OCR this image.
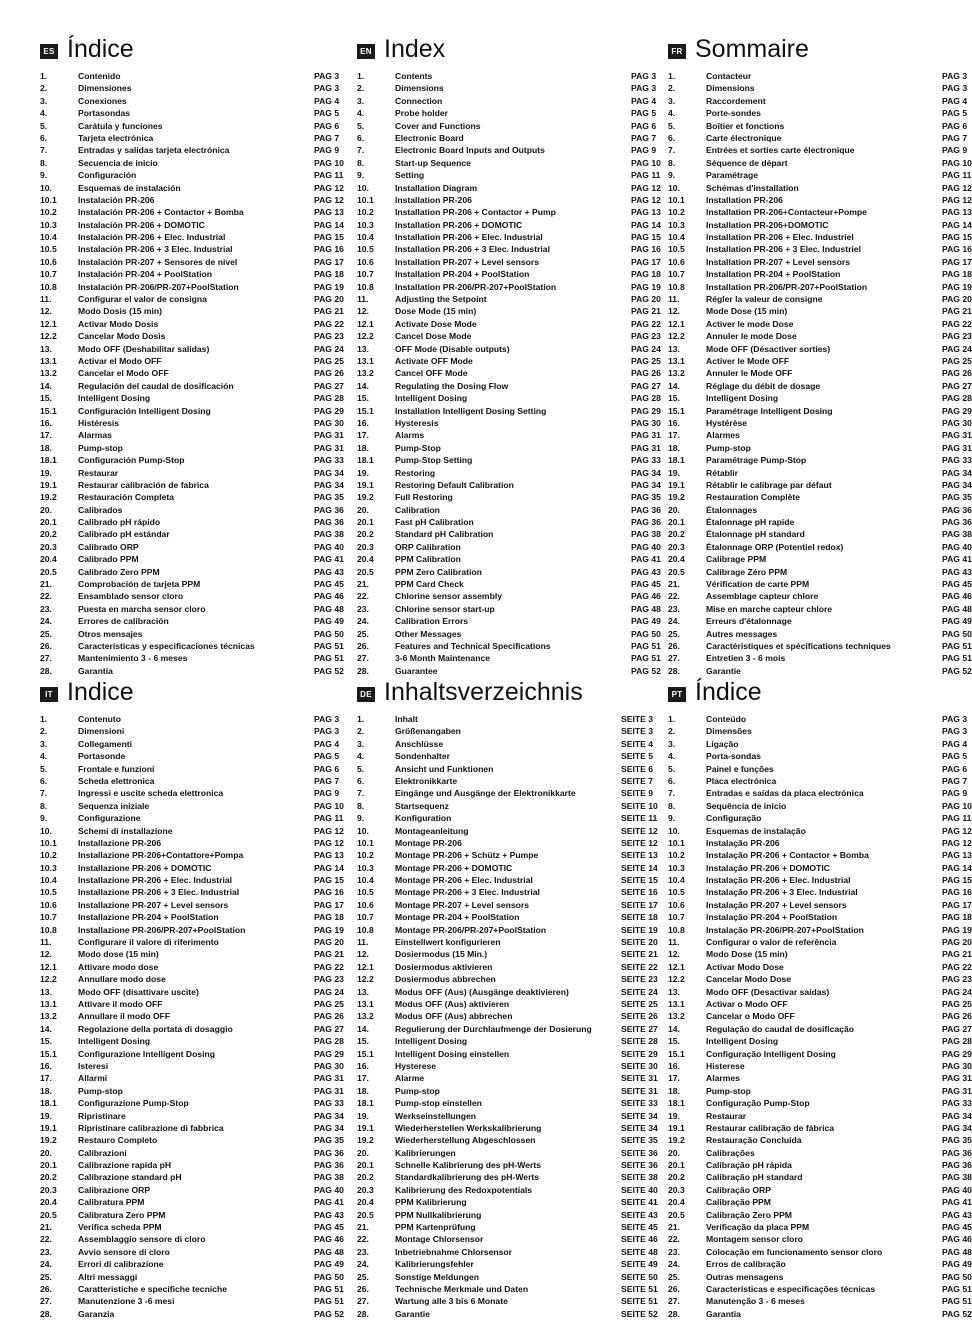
ES Índice
1.	Contenido	PAG 3
2.	Dimensiones	PAG 3
3.	Conexiones	PAG 4
4.	Portasondas	PAG 5
5.	Carátula y funciones	PAG 6
6.	Tarjeta electrónica	PAG 7
7.	Entradas y salidas tarjeta electrónica	PAG 9
8.	Secuencia de inicio	PAG 10
9.	Configuración	PAG 11
10.	Esquemas de instalación	PAG 12
10.1 Instalación PR-206	PAG 12
10.2 Instalación PR-206 + Contactor + Bomba	PAG 13
10.3 Instalación PR-206 + DOMOTIC	PAG 14
10.4 Instalación PR-206 + Elec. Industrial	PAG 15
10.5 Instalación PR-206 + 3 Elec. Industrial	PAG 16
10.6 Instalación PR-207 + Sensores de nivel	PAG 17
10.7 Instalación PR-204 + PoolStation	PAG 18
10.8 Instalación PR-206/PR-207+PoolStation	PAG 19
11.	Configurar el valor de consigna	PAG 20
12.	Modo Dosis (15 min)	PAG 21
12.1 Activar Modo Dosis	PAG 22
12.2 Cancelar Modo Dosis	PAG 23
13.	Modo OFF (Deshabilitar salidas)	PAG 24
13.1 Activar el Modo OFF	PAG 25
13.2 Cancelar el Modo OFF	PAG 26
14.	Regulación del caudal de dosificación	PAG 27
15.	Intelligent Dosing	PAG 28
15.1 Configuración Intelligent Dosing	PAG 29
16.	Histéresis	PAG 30
17.	Alarmas	PAG 31
18.	Pump-stop	PAG 31
18.1 Configuración Pump-Stop	PAG 33
19.	Restaurar	PAG 34
19.1 Restaurar calibración de fabrica	PAG 34
19.2 Restauración Completa	PAG 35
20.	Calibrados	PAG 36
20.1 Calibrado pH rápido	PAG 36
20.2 Calibrado pH estándar	PAG 38
20.3 Calibrado ORP	PAG 40
20.4 Calibrado PPM	PAG 41
20.5 Calibrado Zero PPM	PAG 43
21.	Comprobación de tarjeta PPM	PAG 45
22.	Ensamblado sensor cloro	PAG 46
23.	Puesta en marcha sensor cloro	PAG 48
24.	Errores de calibración	PAG 49
25.	Otros mensajes	PAG 50
26.	Características y especificaciones técnicas	PAG 51
27.	Mantenimiento 3 - 6 meses	PAG 51
28.	Garantía	PAG 52
EN Index
1.	Contents	PAG 3
2.	Dimensions	PAG 3
3.	Connection	PAG 4
4.	Probe holder	PAG 5
5.	Cover and Functions	PAG 6
6.	Electronic Board	PAG 7
7.	Electronic Board Inputs and Outputs	PAG 9
8.	Start-up Sequence	PAG 10
9.	Setting	PAG 11
10.	Installation Diagram	PAG 12
10.1 Installation PR-206	PAG 12
10.2 Installation PR-206 + Contactor + Pump	PAG 13
10.3 Installation PR-206 + DOMOTIC	PAG 14
10.4 Installation PR-206 + Elec. Industrial	PAG 15
10.5 Installation PR-206 + 3 Elec. Industrial	PAG 16
10.6 Installation PR-207 + Level sensors	PAG 17
10.7 Installation PR-204 + PoolStation	PAG 18
10.8 Installation PR-206/PR-207+PoolStation	PAG 19
11.	Adjusting the Setpoint	PAG 20
12.	Dose Mode (15 min)	PAG 21
12.1 Activate Dose Mode	PAG 22
12.2 Cancel Dose Mode	PAG 23
13.	OFF Mode (Disable outputs)	PAG 24
13.1 Activate OFF Mode	PAG 25
13.2 Cancel OFF Mode	PAG 26
14.	Regulating the Dosing Flow	PAG 27
15.	Intelligent Dosing	PAG 28
15.1 Installation Intelligent Dosing Setting	PAG 29
16.	Hysteresis	PAG 30
17.	Alarms	PAG 31
18.	Pump-Stop	PAG 31
18.1 Pump-Stop Setting	PAG 33
19.	Restoring	PAG 34
19.1 Restoring Default Calibration	PAG 34
19.2 Full Restoring	PAG 35
20.	Calibration	PAG 36
20.1 Fast pH Calibration	PAG 36
20.2 Standard pH Calibration	PAG 38
20.3 ORP Calibration	PAG 40
20.4 PPM Calibration	PAG 41
20.5 PPM Zero Calibration	PAG 43
21.	PPM Card Check	PAG 45
22.	Chlorine sensor assembly	PAG 46
23.	Chlorine sensor start-up	PAG 48
24.	Calibration Errors	PAG 49
25.	Other Messages	PAG 50
26.	Features and Technical Specifications	PAG 51
27.	3-6 Month Maintenance	PAG 51
28.	Guarantee	PAG 52
FR Sommaire
1.	Contacteur	PAG 3
2.	Dimensions	PAG 3
3.	Raccordement	PAG 4
4.	Porte-sondes	PAG 5
5.	Boîtier et fonctions	PAG 6
6.	Carte électronique	PAG 7
7.	Entrées et sorties carte électronique	PAG 9
8.	Séquence de départ	PAG 10
9.	Paramétrage	PAG 11
10.	Schémas d'installation	PAG 12
10.1 Installation PR-206	PAG 12
10.2 Installation PR-206+Contacteur+Pompe	PAG 13
10.3 Installation PR-206+DOMOTIC	PAG 14
10.4 Installation PR-206 + Elec. Industriel	PAG 15
10.5 Installation PR-206 + 3 Elec. Industriel	PAG 16
10.6 Installation PR-207 + Level sensors	PAG 17
10.7 Installation PR-204 + PoolStation	PAG 18
10.8 Installation PR-206/PR-207+PoolStation	PAG 19
11.	Régler la valeur de consigne	PAG 20
12.	Mode Dose (15 min)	PAG 21
12.1 Activer le mode Dose	PAG 22
12.2 Annuler le mode Dose	PAG 23
13.	Mode OFF (Désactiver sorties)	PAG 24
13.1 Activer le Mode OFF	PAG 25
13.2 Annuler le Mode OFF	PAG 26
14.	Réglage du débit de dosage	PAG 27
15.	Intelligent Dosing	PAG 28
15.1 Paramétrage Intelligent Dosing	PAG 29
16.	Hystérèse	PAG 30
17.	Alarmes	PAG 31
18.	Pump-stop	PAG 31
18.1 Paramétrage Pump-Stop	PAG 33
19.	Rétablir	PAG 34
19.1 Rétablir le calibrage par défaut	PAG 34
19.2 Restauration Complète	PAG 35
20.	Étalonnages	PAG 36
20.1 Étalonnage pH rapide	PAG 36
20.2 Étalonnage pH standard	PAG 38
20.3 Étalonnage ORP (Potentiel redox)	PAG 40
20.4 Calibrage PPM	PAG 41
20.5 Calibrage Zéro PPM	PAG 43
21.	Vérification de carte PPM	PAG 45
22.	Assemblage capteur chlore	PAG 46
23.	Mise en marche capteur chlore	PAG 48
24.	Erreurs d'étalonnage	PAG 49
25.	Autres messages	PAG 50
26.	Caractéristiques et spécifications techniques	PAG 51
27.	Entretien 3 - 6 mois	PAG 51
28.	Garantie	PAG 52
IT Indice
1.	Contenuto	PAG 3
2.	Dimensioni	PAG 3
3.	Collegamenti	PAG 4
4.	Portasonde	PAG 5
5.	Frontale e funzioni	PAG 6
6.	Scheda elettronica	PAG 7
7.	Ingressi e uscite scheda elettronica	PAG 9
8.	Sequenza iniziale	PAG 10
9.	Configurazione	PAG 11
10.	Schemi di installazione	PAG 12
10.1 Installazione PR-206	PAG 12
10.2 Installazione PR-206+Contattore+Pompa	PAG 13
10.3 Installazione PR-206 + DOMOTIC	PAG 14
10.4 Installazione PR-206 + Elec. Industrial	PAG 15
10.5 Installazione PR-206 + 3 Elec. Industrial	PAG 16
10.6 Installazione PR-207 + Level sensors	PAG 17
10.7 Installazione PR-204 + PoolStation	PAG 18
10.8 Installazione PR-206/PR-207+PoolStation	PAG 19
11.	Configurare il valore di riferimento	PAG 20
12.	Modo dose (15 min)	PAG 21
12.1 Attivare modo dose	PAG 22
12.2 Annullare modo dose	PAG 23
13.	Modo OFF (disattivare uscite)	PAG 24
13.1 Attivare il modo OFF	PAG 25
13.2 Annullare il modo OFF	PAG 26
14.	Regolazione della portata di dosaggio	PAG 27
15.	Intelligent Dosing	PAG 28
15.1 Configurazione Intelligent Dosing	PAG 29
16.	Isteresi	PAG 30
17.	Allarmi	PAG 31
18.	Pump-stop	PAG 31
18.1 Configurazione Pump-Stop	PAG 33
19.	Ripristinare	PAG 34
19.1 Ripristinare calibrazione di fabbrica	PAG 34
19.2 Restauro Completo	PAG 35
20.	Calibrazioni	PAG 36
20.1 Calibrazione rapida pH	PAG 36
20.2 Calibrazione standard pH	PAG 38
20.3 Calibrazione ORP	PAG 40
20.4 Calibratura PPM	PAG 41
20.5 Calibratura Zero PPM	PAG 43
21.	Verifica scheda PPM	PAG 45
22.	Assemblaggio sensore di cloro	PAG 46
23.	Avvio sensore di cloro	PAG 48
24.	Errori di calibrazione	PAG 49
25.	Altri messaggi	PAG 50
26.	Caratteristiche e specifiche tecniche	PAG 51
27.	Manutenzione 3 -6 mesi	PAG 51
28.	Garanzia	PAG 52
DE Inhaltsverzeichnis
1.	Inhalt	SEITE 3
2.	Größenangaben	SEITE 3
3.	Anschlüsse	SEITE 4
4.	Sondenhalter	SEITE 5
5.	Ansicht und Funktionen	SEITE 6
6.	Elektronikkarte	SEITE 7
7.	Eingänge und Ausgänge der Elektronikkarte	SEITE 9
8.	Startsequenz	SEITE 10
9.	Konfiguration	SEITE 11
10.	Montageanleitung	SEITE 12
10.1 Montage PR-206	SEITE 12
10.2 Montage PR-206 + Schütz + Pumpe	SEITE 13
10.3 Montage PR-206 + DOMOTIC	SEITE 14
10.4 Montage PR-206 + Elec. Industrial	SEITE 15
10.5 Montage PR-206 + 3 Elec. Industrial	SEITE 16
10.6 Montage PR-207 + Level sensors	SEITE 17
10.7 Montage PR-204 + PoolStation	SEITE 18
10.8 Montage PR-206/PR-207+PoolStation	SEITE 19
11.	Einstellwert konfigurieren	SEITE 20
12.	Dosiermodus (15 Min.)	SEITE 21
12.1 Dosiermodus aktivieren	SEITE 22
12.2 Dosiermodus abbrechen	SEITE 23
13.	Modus OFF (Aus) (Ausgänge deaktivieren)	SEITE 24
13.1 Modus OFF (Aus) aktivieren	SEITE 25
13.2 Modus OFF (Aus) abbrechen	SEITE 26
14.	Regulierung der Durchlaufmenge der Dosierung	SEITE 27
15.	Intelligent Dosing	SEITE 28
15.1 Intelligent Dosing einstellen	SEITE 29
16.	Hysterese	SEITE 30
17.	Alarme	SEITE 31
18.	Pump-stop	SEITE 31
18.1 Pump-stop einstellen	SEITE 33
19.	Werkseinstellungen	SEITE 34
19.1 Wiederherstellen Werkskalibrierung	SEITE 34
19.2 Wiederherstellung Abgeschlossen	SEITE 35
20.	Kalibrierungen	SEITE 36
20.1 Schnelle Kalibrierung des pH-Werts	SEITE 36
20.2 Standardkalibrierung des pH-Werts	SEITE 38
20.3 Kalibrierung des Redoxpotentials	SEITE 40
20.4 PPM Kalibrierung	SEITE 41
20.5 PPM Nullkalibrierung	SEITE 43
21.	PPM Kartenprüfung	SEITE 45
22.	Montage Chlorsensor	SEITE 46
23.	Inbetriebnahme Chlorsensor	SEITE 48
24.	Kalibrierungsfehler	SEITE 49
25.	Sonstige Meldungen	SEITE 50
26.	Technische Merkmale und Daten	SEITE 51
27.	Wartung alle 3 bis 6 Monate	SEITE 51
28.	Garantie	SEITE 52
PT Índice
1.	Conteúdo	PAG 3
2.	Dimensões	PAG 3
3.	Ligação	PAG 4
4.	Porta-sondas	PAG 5
5.	Painel e funções	PAG 6
6.	Placa electrónica	PAG 7
7.	Entradas e saídas da placa electrónica	PAG 9
8.	Sequência de início	PAG 10
9.	Configuração	PAG 11
10.	Esquemas de instalação	PAG 12
10.1 Instalação PR-206	PAG 12
10.2 Instalação PR-206 + Contactor + Bomba	PAG 13
10.3 Instalação PR-206 + DOMOTIC	PAG 14
10.4 Instalação PR-206 + Elec. Industrial	PAG 15
10.5 Instalação PR-206 + 3 Elec. Industrial	PAG 16
10.6 Instalação PR-207 + Level sensors	PAG 17
10.7 Instalação PR-204 + PoolStation	PAG 18
10.8 Instalação PR-206/PR-207+PoolStation	PAG 19
11.	Configurar o valor de referência	PAG 20
12.	Modo Dose (15 min)	PAG 21
12.1 Activar Modo Dose	PAG 22
12.2 Cancelar Modo Dose	PAG 23
13.	Modo OFF (Desactivar saídas)	PAG 24
13.1 Activar o Modo OFF	PAG 25
13.2 Cancelar o Modo OFF	PAG 26
14.	Regulação do caudal de dosificação	PAG 27
15.	Intelligent Dosing	PAG 28
15.1 Configuração Intelligent Dosing	PAG 29
16.	Histerese	PAG 30
17.	Alarmes	PAG 31
18.	Pump-stop	PAG 31
18.1 Configuração Pump-Stop	PAG 33
19.	Restaurar	PAG 34
19.1 Restaurar calibração de fábrica	PAG 34
19.2 Restauração Concluída	PAG 35
20.	Calibrações	PAG 36
20.1 Calibração pH rápida	PAG 36
20.2 Calibração pH standard	PAG 38
20.3 Calibração ORP	PAG 40
20.4 Calibração PPM	PAG 41
20.5 Calibração Zero PPM	PAG 43
21.	Verificação da placa PPM	PAG 45
22.	Montagem sensor cloro	PAG 46
23.	Colocação em funcionamento sensor cloro	PAG 48
24.	Erros de calibração	PAG 49
25.	Outras mensagens	PAG 50
26.	Características e especificações técnicas	PAG 51
27.	Manutenção 3 - 6 meses	PAG 51
28.	Garantia	PAG 52
